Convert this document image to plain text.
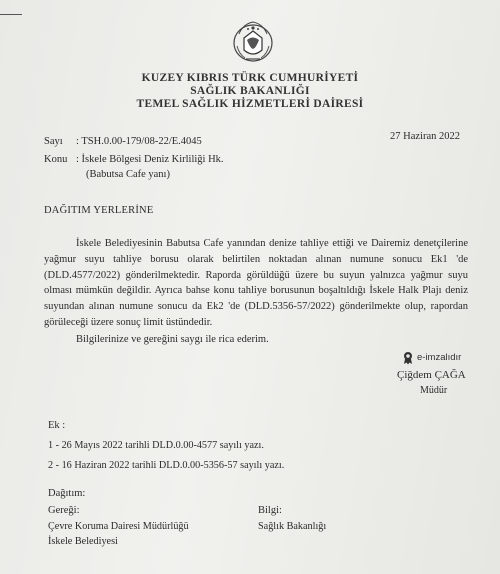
KUZEY KIBRIS TÜRK CUMHURİYETİ
SAĞLIK BAKANLIĞI
TEMEL SAĞLIK HİZMETLERİ DAİRESİ
Sayı : TSH.0.00-179/08-22/E.4045	27 Haziran 2022
Konu : İskele Bölgesi Deniz Kirliliği Hk.
(Babutsa Cafe yanı)
DAĞITIM YERLERİNE

İskele Belediyesinin Babutsa Cafe yanından denize tahliye ettiği ve Dairemiz denetçilerine yağmur suyu tahliye borusu olarak belirtilen noktadan alınan numune sonucu Ek1 'de (DLD.4577/2022) gönderilmektedir. Raporda görüldüğü üzere bu suyun yalnızca yağmur suyu olması mümkün değildir. Ayrıca bahse konu tahliye borusunun boşaltıldığı İskele Halk Plajı deniz suyundan alınan numune sonucu da Ek2 'de (DLD.5356-57/2022) gönderilmekte olup, rapordan görüleceği üzere sonuç limit üstündedir.

Bilgilerinize ve gereğini saygı ile rica ederim.

e-imzalıdır
Çiğdem ÇAĞA
Müdür
Ek :
1 - 26 Mayıs 2022 tarihli DLD.0.00-4577 sayılı yazı.
2 - 16 Haziran 2022 tarihli DLD.0.00-5356-57 sayılı yazı.
Dağıtım:
Gereği:
Çevre Koruma Dairesi Müdürlüğü
İskele Belediyesi
Bilgi:
Sağlık Bakanlığı
